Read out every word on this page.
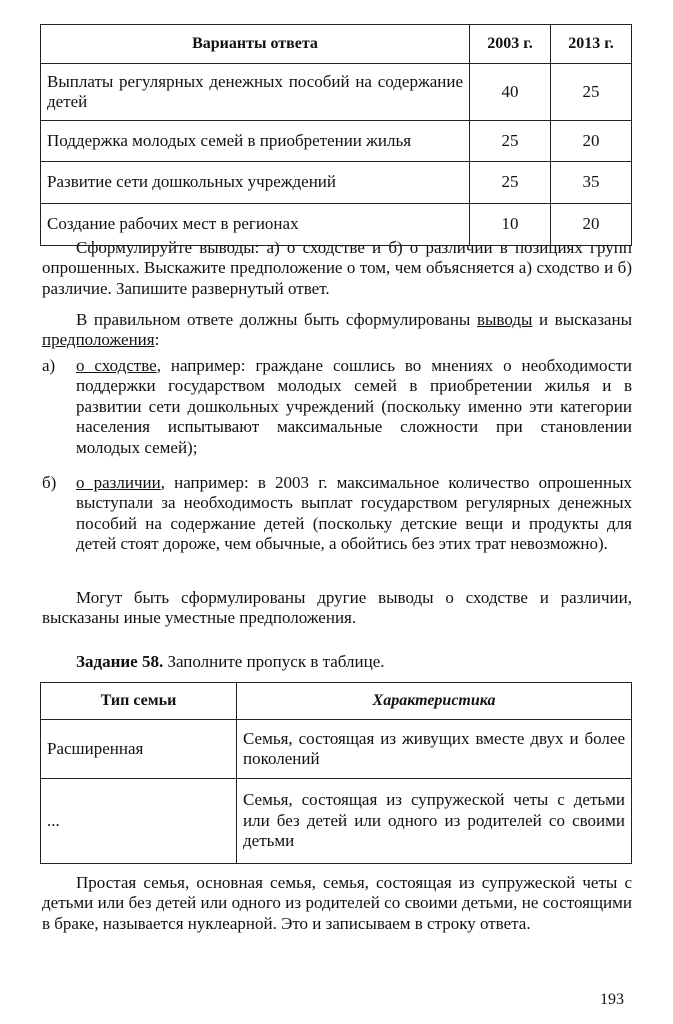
Варианты ответа	2003 г.	2013 г.
Выплаты регулярных денежных пособий на содержание детей	40	25
Поддержка молодых семей в приобретении жилья	25	20
Развитие сети дошкольных учреждений	25	35
Создание рабочих мест в регионах	10	20
Сформулируйте выводы: а) о сходстве и б) о различии в позициях групп опрошенных. Выскажите предположение о том, чем объясняется а) сходство и б) различие. Запишите развернутый ответ.
В правильном ответе должны быть сформулированы выводы и высказаны предположения:
а) о сходстве, например: граждане сошлись во мнениях о необходимости поддержки государством молодых семей в приобретении жилья и в развитии сети дошкольных учреждений (поскольку именно эти категории населения испытывают максимальные сложности при становлении молодых семей);
б) о различии, например: в 2003 г. максимальное количество опрошенных выступали за необходимость выплат государством регулярных денежных пособий на содержание детей (поскольку детские вещи и продукты для детей стоят дороже, чем обычные, а обойтись без этих трат невозможно).
Могут быть сформулированы другие выводы о сходстве и различии, высказаны иные уместные предположения.
Задание 58. Заполните пропуск в таблице.
Тип семьи	Характеристика
Расширенная	Семья, состоящая из живущих вместе двух и более поколений
...	Семья, состоящая из супружеской четы с детьми или без детей или одного из родителей со своими детьми
Простая семья, основная семья, семья, состоящая из супружеской четы с детьми или без детей или одного из родителей со своими детьми, не состоящими в браке, называется нуклеарной. Это и записываем в строку ответа.
193
